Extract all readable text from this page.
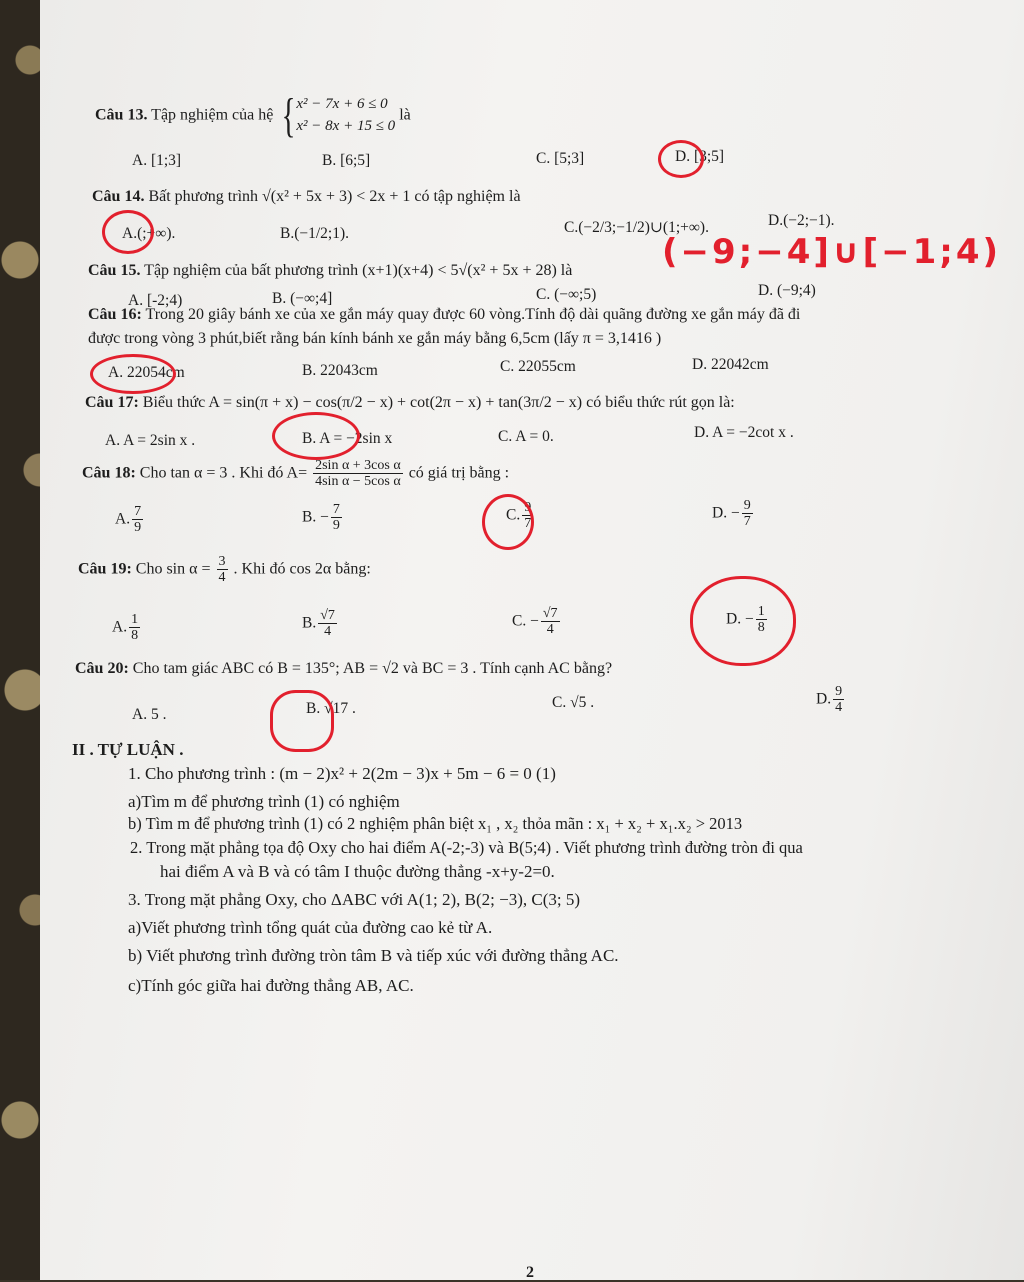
Câu 13. Tập nghiệm của hệ { x² − 7x + 6 ≤ 0
x² − 8x + 15 ≤ 0
là
A. [1;3]	B. [6;5]	C. [5;3]	D. [3;5]
Câu 14. Bất phương trình √(x² + 5x + 3) < 2x + 1 có tập nghiệm là
A.(;+∞).	B.(−1/2;1).	C.(−2/3;−1/2)∪(1;+∞).	D.(−2;−1).
Câu 15. Tập nghiệm của bất phương trình (x+1)(x+4) < 5√(x² + 5x + 28) là	(−9;−4]∪[−1;4)
A. [-2;4)	B. (−∞;4]	C. (−∞;5)	D. (−9;4)
Câu 16: Trong 20 giây bánh xe của xe gắn máy quay được 60 vòng.Tính độ dài quãng đường xe gắn máy đã đi
được trong vòng 3 phút,biết rằng bán kính bánh xe gắn máy bằng 6,5cm (lấy π = 3,1416 )
A. 22054cm	B. 22043cm	C. 22055cm	D. 22042cm
Câu 17: Biểu thức A = sin(π + x) − cos(π/2 − x) + cot(2π − x) + tan(3π/2 − x) có biểu thức rút gọn là:
A. A = 2sin x .	B. A = −2sin x	C. A = 0.	D. A = −2cot x .
Câu 18: Cho tan α = 3 . Khi đó $A= \frac{\text{2sin α + 3cos α}}{\text{4sin α − 5cos α}}$ có giá trị bằng :
A. $\frac{7}{9}$	B. − $\frac{7}{9}$	C. $\frac{9}{7}$	D. − $\frac{9}{7}$
Câu 19: Cho $\sin \alpha = \frac{3}{4}$ . Khi đó cos 2α bằng:
A. $\frac{1}{8}$	B. $\frac{√7}{4}$	C. − $\frac{√7}{4}$	D. − $\frac{1}{8}$
Câu 20: Cho tam giác ABC có B = 135°; AB = √2 và BC = 3 . Tính cạnh AC bằng?
A. 5 .	B. √17 .	C. √5 .	D. $\frac{9}{4}$
II . TỰ LUẬN .
1. Cho phương trình : (m − 2)x² + 2(2m − 3)x + 5m − 6 = 0 (1)
a)Tìm m để phương trình (1) có nghiệm
b) Tìm m để phương trình (1) có 2 nghiệm phân biệt x₁ , x₂ thỏa mãn : x₁ + x₂ + x₁.x₂ > 2013
2. Trong mặt phẳng tọa độ Oxy cho hai điểm A(-2;-3) và B(5;4) . Viết phương trình đường tròn đi qua
hai điểm A và B và có tâm I thuộc đường thẳng -x+y-2=0.
3. Trong mặt phẳng Oxy, cho ΔABC với A(1; 2), B(2; −3), C(3; 5)
a)Viết phương trình tổng quát của đường cao kẻ từ A.
b) Viết phương trình đường tròn tâm B và tiếp xúc với đường thẳng AC.
c)Tính góc giữa hai đường thẳng AB, AC.
2
